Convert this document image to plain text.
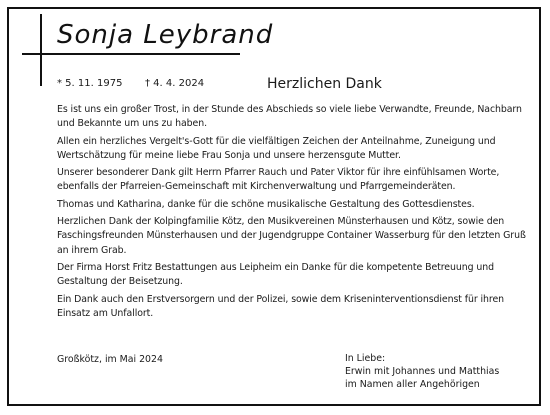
Sonja Leybrand
* 5. 11. 1975 † 4. 4. 2024	Herzlichen Dank

Es ist uns ein großer Trost, in der Stunde des Abschieds so viele liebe Verwandte, Freunde, Nachbarn und Bekannte um uns zu haben.

Allen ein herzliches Vergelt's-Gott für die vielfältigen Zeichen der Anteilnahme, Zuneigung und Wertschätzung für meine liebe Frau Sonja und unsere herzensgute Mutter.

Unserer besonderer Dank gilt Herrn Pfarrer Rauch und Pater Viktor für ihre einfühlsamen Worte, ebenfalls der Pfarreien-Gemeinschaft mit Kirchenverwaltung und Pfarrgemeinderäten.

Thomas und Katharina, danke für die schöne musikalische Gestaltung des Gottesdienstes.

Herzlichen Dank der Kolpingfamilie Kötz, den Musikvereinen Münsterhausen und Kötz, sowie den Faschingsfreunden Münsterhausen und der Jugendgruppe Container Wasserburg für den letzten Gruß an ihrem Grab.

Der Firma Horst Fritz Bestattungen aus Leipheim ein Danke für die kompetente Betreuung und Gestaltung der Beisetzung.

Ein Dank auch den Erstversorgern und der Polizei, sowie dem Kriseninterventionsdienst für ihren Einsatz am Unfallort.

Großkötz, im Mai 2024	In Liebe:
Erwin mit Johannes und Matthias
im Namen aller Angehörigen
